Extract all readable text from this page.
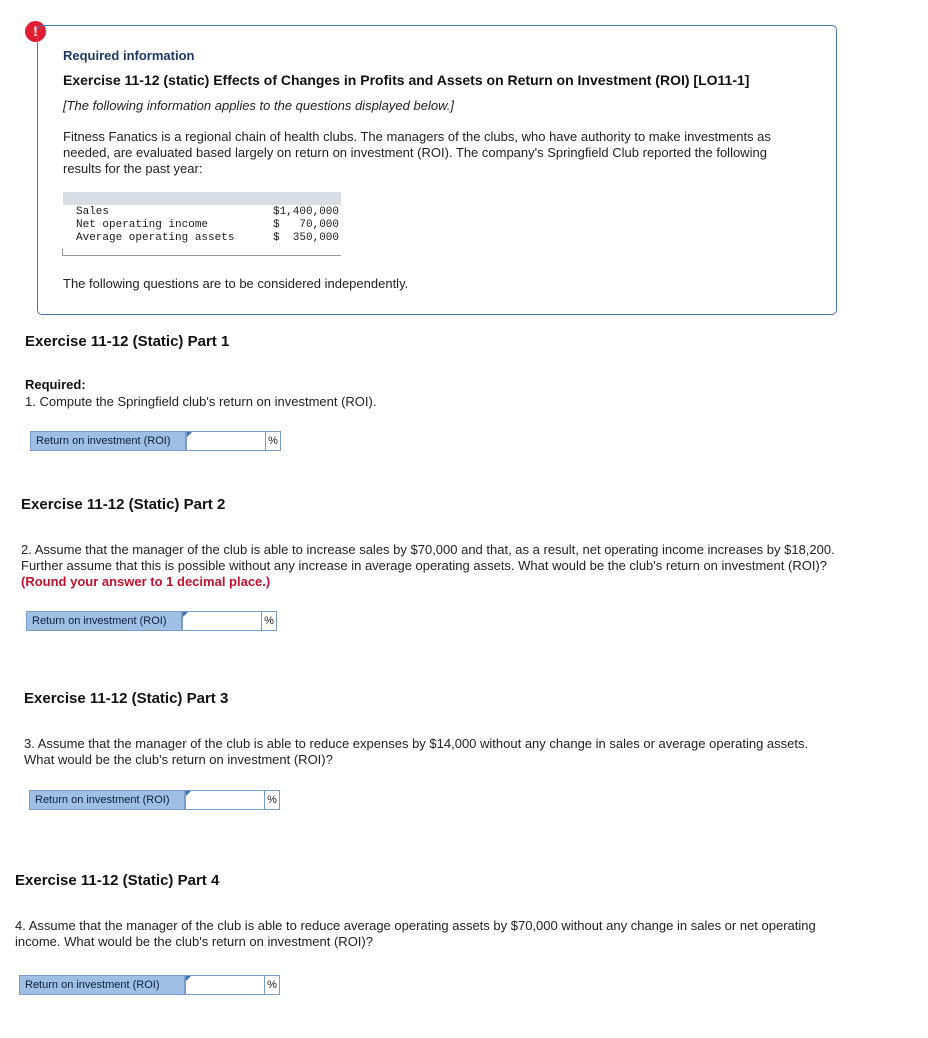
!
Required information
Exercise 11-12 (static) Effects of Changes in Profits and Assets on Return on Investment (ROI) [LO11-1]
[The following information applies to the questions displayed below.]
Fitness Fanatics is a regional chain of health clubs. The managers of the clubs, who have authority to make investments as needed, are evaluated based largely on return on investment (ROI). The company's Springfield Club reported the following results for the past year:
Sales	$1,400,000
Net operating income	$   70,000
Average operating assets	$  350,000
The following questions are to be considered independently.
Exercise 11-12 (Static) Part 1
Required:
1. Compute the Springfield club's return on investment (ROI).
Return on investment (ROI)	%
Exercise 11-12 (Static) Part 2
2. Assume that the manager of the club is able to increase sales by $70,000 and that, as a result, net operating income increases by $18,200. Further assume that this is possible without any increase in average operating assets. What would be the club's return on investment (ROI)? (Round your answer to 1 decimal place.)
Return on investment (ROI)	%
Exercise 11-12 (Static) Part 3
3. Assume that the manager of the club is able to reduce expenses by $14,000 without any change in sales or average operating assets. What would be the club's return on investment (ROI)?
Return on investment (ROI)	%
Exercise 11-12 (Static) Part 4
4. Assume that the manager of the club is able to reduce average operating assets by $70,000 without any change in sales or net operating income. What would be the club's return on investment (ROI)?
Return on investment (ROI)	%
